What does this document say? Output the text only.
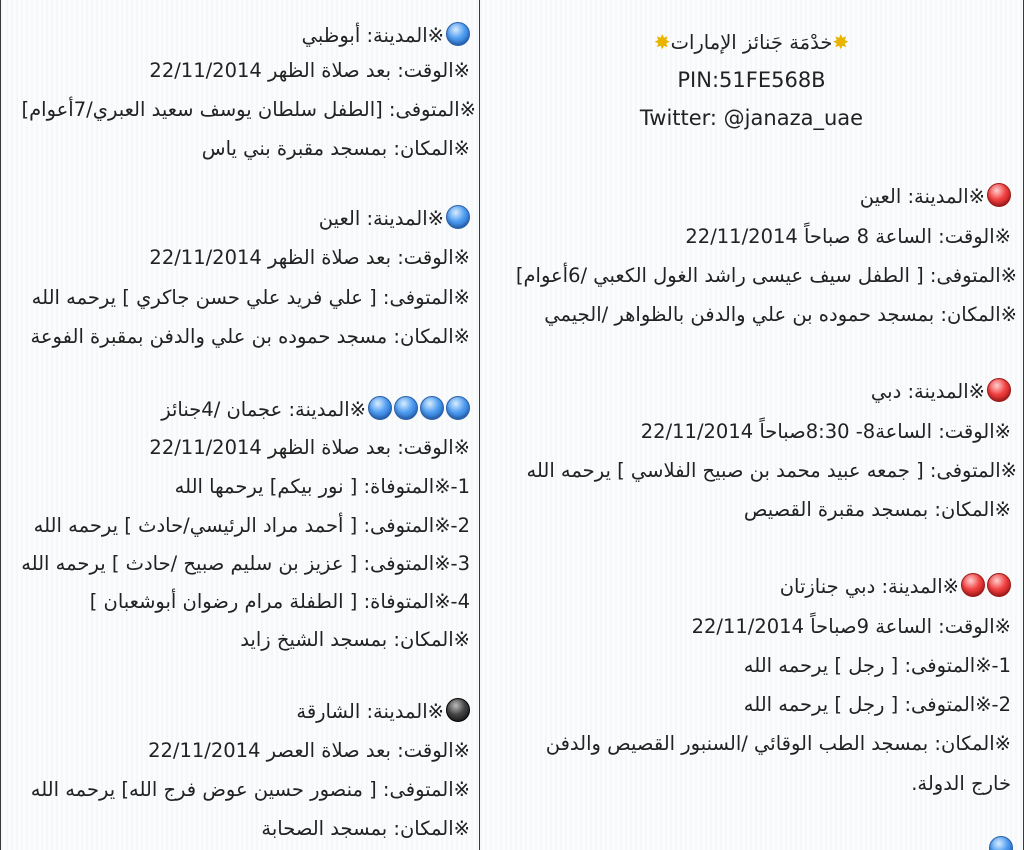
※المدينة: أبوظبي
※الوقت: بعد صلاة الظهر 22/11/2014
※المتوفى: [الطفل سلطان يوسف سعيد العبري/7أعوام]
※المكان: بمسجد مقبرة بني ياس
※المدينة: العين
※الوقت: بعد صلاة الظهر 22/11/2014
※المتوفى: [ علي فريد علي حسن جاكري ] يرحمه الله
※المكان: مسجد حموده بن علي والدفن بمقبرة الفوعة
※المدينة: عجمان /4جنائز
※الوقت: بعد صلاة الظهر 22/11/2014
1-※المتوفاة: [ نور بيكم] يرحمها الله
2-※المتوفى: [ أحمد مراد الرئيسي/حادث ] يرحمه الله
3-※المتوفى: [ عزيز بن سليم صبيح /حادث ] يرحمه الله
4-※المتوفاة: [ الطفلة مرام رضوان أبوشعبان ]
※المكان: بمسجد الشيخ زايد
※المدينة: الشارقة
※الوقت: بعد صلاة العصر 22/11/2014
※المتوفى: [ منصور حسين عوض فرج الله] يرحمه الله
※المكان: بمسجد الصحابة
✸خدْمَة جَنائز الإمارات✸
PIN:51FE568B
Twitter: @janaza_uae
※المدينة: العين
※الوقت: الساعة 8 صباحاً 22/11/2014
※المتوفى: [ الطفل سيف عيسى راشد الغول الكعبي /6أعوام]
※المكان: بمسجد حموده بن علي والدفن بالظواهر /الجيمي
※المدينة: دبي
※الوقت: الساعة8- 8:30صباحاً 22/11/2014
※المتوفى: [ جمعه عبيد محمد بن صبيح الفلاسي ] يرحمه الله
※المكان: بمسجد مقبرة القصيص
※المدينة: دبي جنازتان
※الوقت: الساعة 9صباحاً 22/11/2014
1-※المتوفى: [ رجل ] يرحمه الله
2-※المتوفى: [ رجل ] يرحمه الله
※المكان: بمسجد الطب الوقائي /السنبور القصيص والدفن
خارج الدولة.
